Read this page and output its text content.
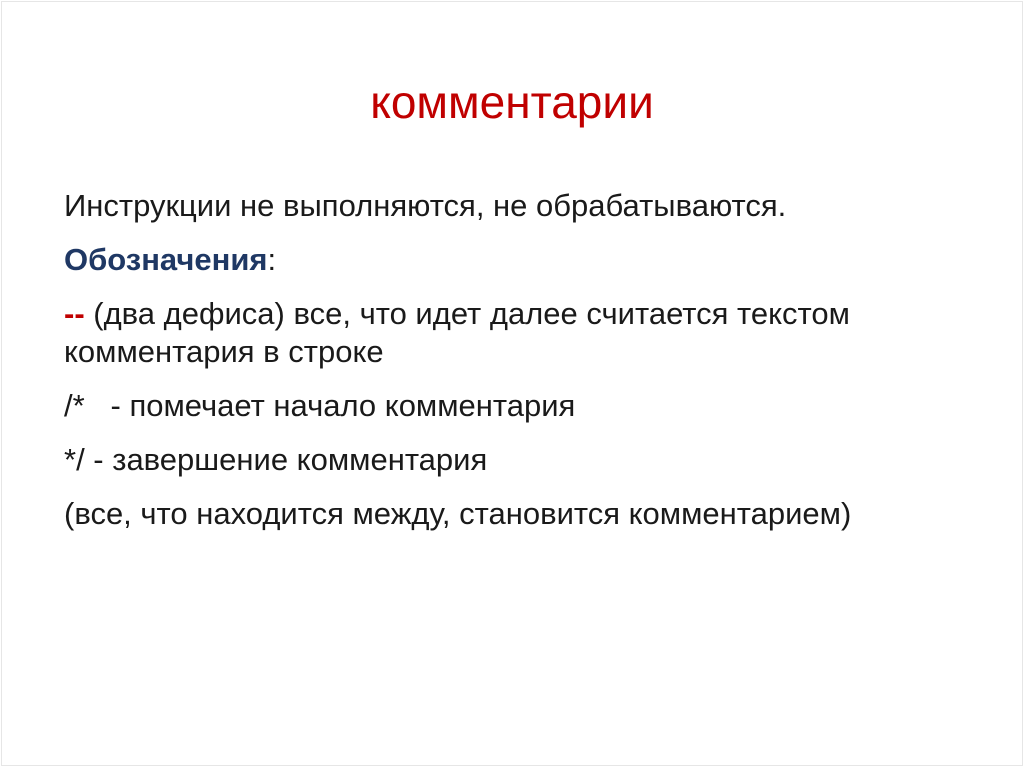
комментарии

Инструкции не выполняются, не обрабатываются.

Обозначения:

-- (два дефиса) все, что идет далее считается текстом комментария в строке

/*   - помечает начало комментария

*/ - завершение комментария

(все, что находится между, становится комментарием)
